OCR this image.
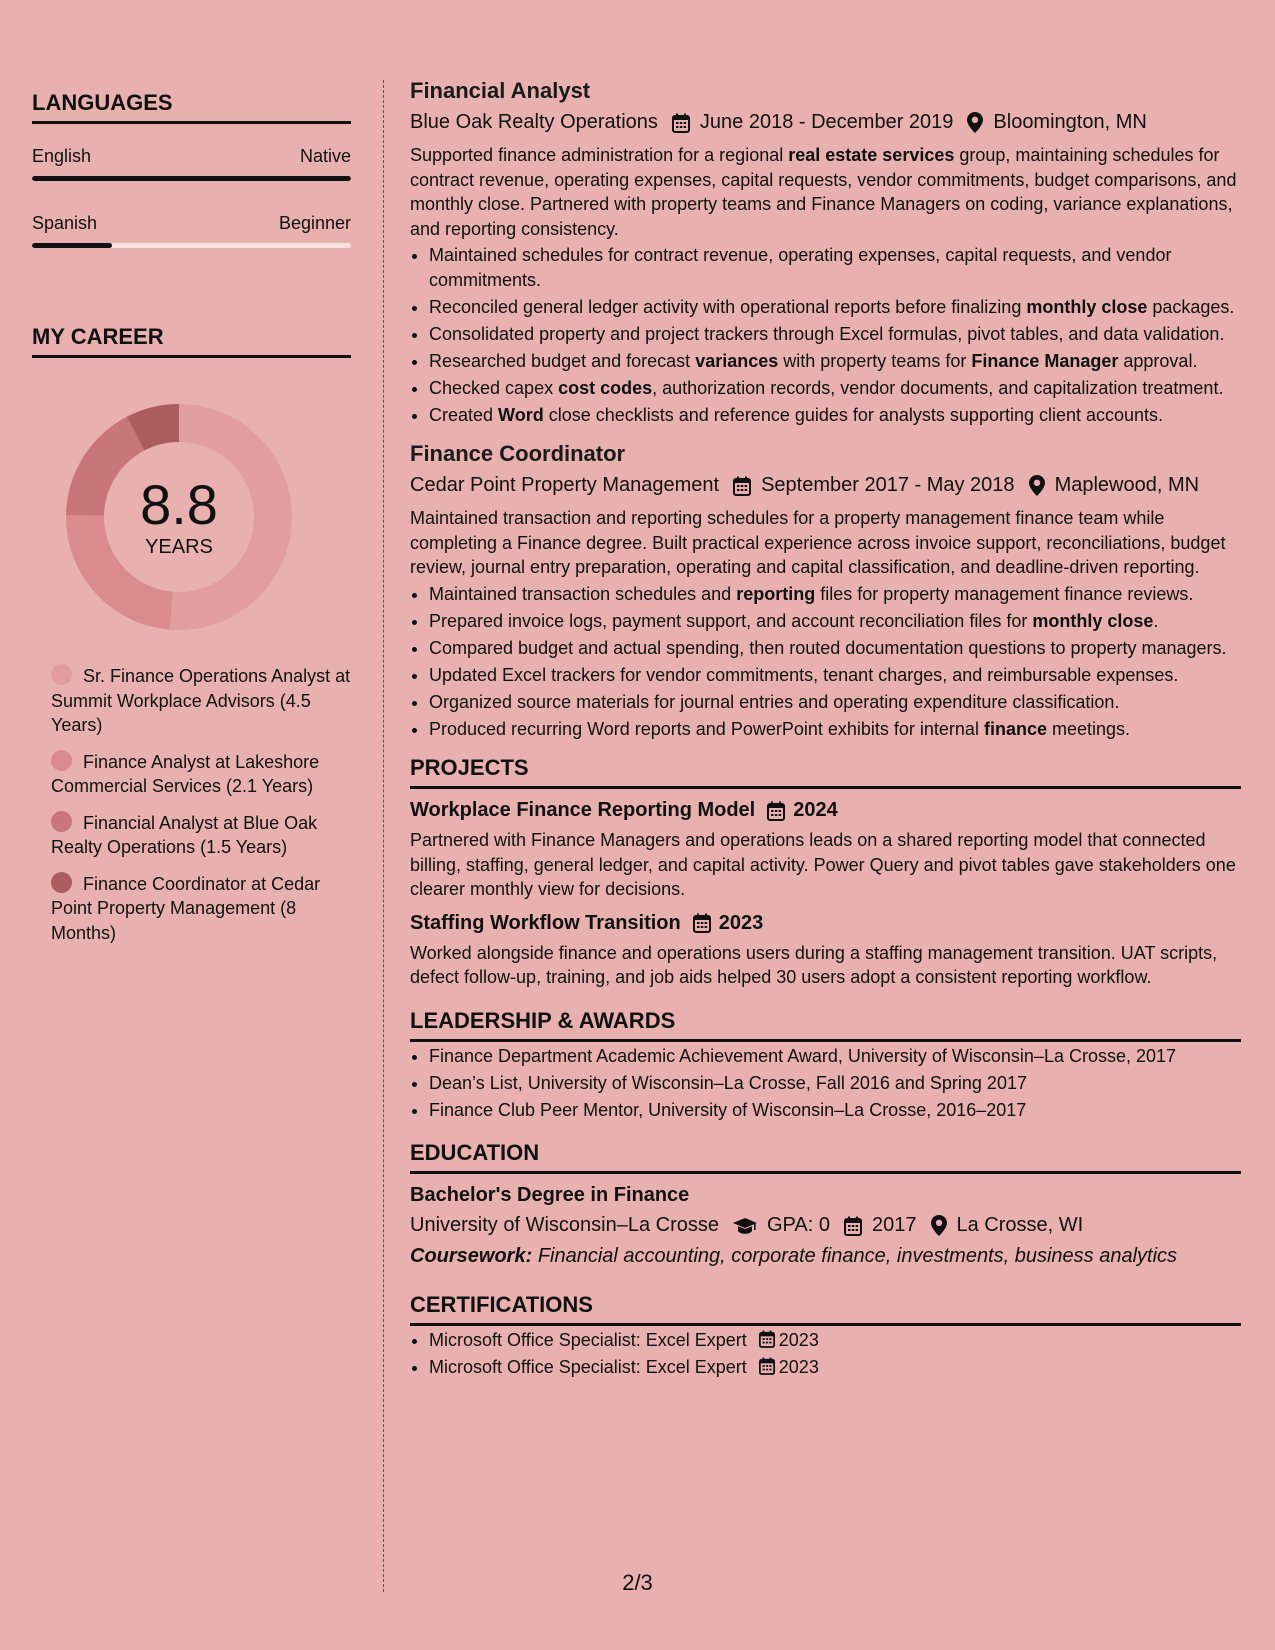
LANGUAGES
English	Native
Spanish	Beginner
MY CAREER
8.8
YEARS
Sr. Finance Operations Analyst at Summit Workplace Advisors (4.5 Years)
Finance Analyst at Lakeshore Commercial Services (2.1 Years)
Financial Analyst at Blue Oak Realty Operations (1.5 Years)
Finance Coordinator at Cedar Point Property Management (8 Months)
Financial Analyst
Blue Oak Realty Operations June 2018 - December 2019 Bloomington, MN
Supported finance administration for a regional real estate services group, maintaining schedules for contract revenue, operating expenses, capital requests, vendor commitments, budget comparisons, and monthly close. Partnered with property teams and Finance Managers on coding, variance explanations, and reporting consistency.
• Maintained schedules for contract revenue, operating expenses, capital requests, and vendor commitments.
• Reconciled general ledger activity with operational reports before finalizing monthly close packages.
• Consolidated property and project trackers through Excel formulas, pivot tables, and data validation.
• Researched budget and forecast variances with property teams for Finance Manager approval.
• Checked capex cost codes, authorization records, vendor documents, and capitalization treatment.
• Created Word close checklists and reference guides for analysts supporting client accounts.
Finance Coordinator
Cedar Point Property Management September 2017 - May 2018 Maplewood, MN
Maintained transaction and reporting schedules for a property management finance team while completing a Finance degree. Built practical experience across invoice support, reconciliations, budget review, journal entry preparation, operating and capital classification, and deadline-driven reporting.
• Maintained transaction schedules and reporting files for property management finance reviews.
• Prepared invoice logs, payment support, and account reconciliation files for monthly close.
• Compared budget and actual spending, then routed documentation questions to property managers.
• Updated Excel trackers for vendor commitments, tenant charges, and reimbursable expenses.
• Organized source materials for journal entries and operating expenditure classification.
• Produced recurring Word reports and PowerPoint exhibits for internal finance meetings.
PROJECTS
Workplace Finance Reporting Model 2024
Partnered with Finance Managers and operations leads on a shared reporting model that connected billing, staffing, general ledger, and capital activity. Power Query and pivot tables gave stakeholders one clearer monthly view for decisions.
Staffing Workflow Transition 2023
Worked alongside finance and operations users during a staffing management transition. UAT scripts, defect follow-up, training, and job aids helped 30 users adopt a consistent reporting workflow.
LEADERSHIP & AWARDS
• Finance Department Academic Achievement Award, University of Wisconsin–La Crosse, 2017
• Dean’s List, University of Wisconsin–La Crosse, Fall 2016 and Spring 2017
• Finance Club Peer Mentor, University of Wisconsin–La Crosse, 2016–2017
EDUCATION
Bachelor's Degree in Finance
University of Wisconsin–La Crosse GPA: 0 2017 La Crosse, WI
Coursework: Financial accounting, corporate finance, investments, business analytics
CERTIFICATIONS
• Microsoft Office Specialist: Excel Expert 2023
• Microsoft Office Specialist: Excel Expert 2023
2/3
